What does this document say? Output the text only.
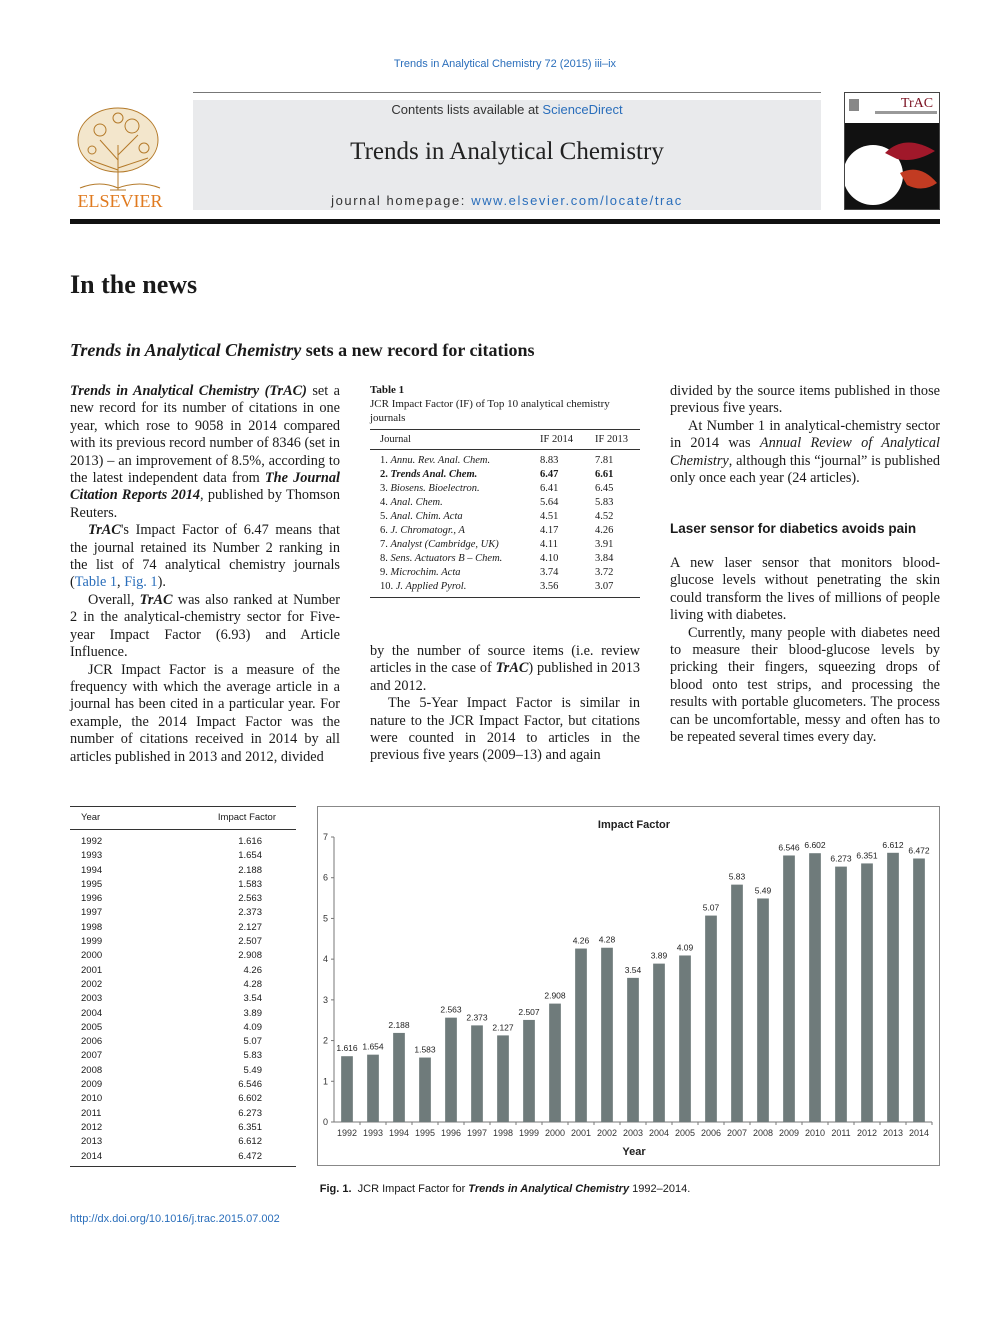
Trends in Analytical Chemistry 72 (2015) iii–ix
Contents lists available at ScienceDirect
Trends in Analytical Chemistry
journal homepage: www.elsevier.com/locate/trac
ELSEVIER
TrAC
In the news
Trends in Analytical Chemistry sets a new record for citations

Trends in Analytical Chemistry (TrAC) set a new record for its number of citations in one year, which rose to 9058 in 2014 compared with its previous record number of 8346 (set in 2013) – an improvement of 8.5%, according to the latest independent data from The Journal Citation Reports 2014, published by Thomson Reuters.

TrAC's Impact Factor of 6.47 means that the journal retained its Number 2 ranking in the list of 74 analytical chemistry journals (Table 1, Fig. 1).

Overall, TrAC was also ranked at Number 2 in the analytical-chemistry sector for Five-year Impact Factor (6.93) and Article Influence.

JCR Impact Factor is a measure of the frequency with which the average article in a journal has been cited in a particular year. For example, the 2014 Impact Factor was the number of citations received in 2014 by all articles published in 2013 and 2012, divided

Table 1
JCR Impact Factor (IF) of Top 10 analytical chemistry journals
Journal	IF 2014	IF 2013
1. Annu. Rev. Anal. Chem.	8.83	7.81
2. Trends Anal. Chem.	6.47	6.61
3. Biosens. Bioelectron.	6.41	6.45
4. Anal. Chem.	5.64	5.83
5. Anal. Chim. Acta	4.51	4.52
6. J. Chromatogr., A	4.17	4.26
7. Analyst (Cambridge, UK)	4.11	3.91
8. Sens. Actuators B – Chem.	4.10	3.84
9. Microchim. Acta	3.74	3.72
10. J. Applied Pyrol.	3.56	3.07

by the number of source items (i.e. review articles in the case of TrAC) published in 2013 and 2012.

The 5-Year Impact Factor is similar in nature to the JCR Impact Factor, but citations were counted in 2014 to articles in the previous five years (2009–13) and again

divided by the source items published in those previous five years.

At Number 1 in analytical-chemistry sector in 2014 was Annual Review of Analytical Chemistry, although this “journal” is published only once each year (24 articles).

Laser sensor for diabetics avoids pain

A new laser sensor that monitors blood-glucose levels without penetrating the skin could transform the lives of millions of people living with diabetes.

Currently, many people with diabetes need to measure their blood-glucose levels by pricking their fingers, squeezing drops of blood onto test strips, and processing the results with portable glucometers. The process can be uncomfortable, messy and often has to be repeated several times every day.

Year	Impact Factor
1992	1.616
1993	1.654
1994	2.188
1995	1.583
1996	2.563
1997	2.373
1998	2.127
1999	2.507
2000	2.908
2001	4.26
2002	4.28
2003	3.54
2004	3.89
2005	4.09
2006	5.07
2007	5.83
2008	5.49
2009	6.546
2010	6.602
2011	6.273
2012	6.351
2013	6.612
2014	6.472
Impact Factor
0
1
2
3
4
5
6
7
1.616
1992
1.654
1993
2.188
1994
1.583
1995
2.563
1996
2.373
1997
2.127
1998
2.507
1999
2.908
2000
4.26
2001
4.28
2002
3.54
2003
3.89
2004
4.09
2005
5.07
2006
5.83
2007
5.49
2008
6.546
2009
6.602
2010
6.273
2011
6.351
2012
6.612
2013
6.472
2014
Year
Fig. 1. JCR Impact Factor for Trends in Analytical Chemistry 1992–2014.
http://dx.doi.org/10.1016/j.trac.2015.07.002
